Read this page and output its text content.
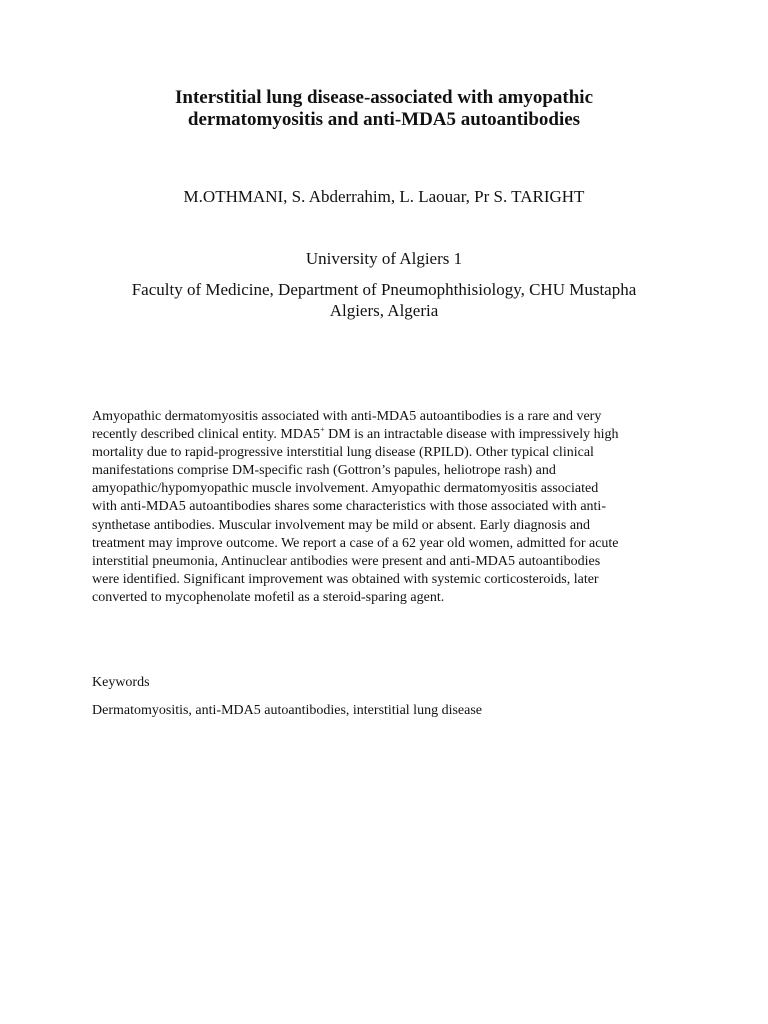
Interstitial lung disease-associated with amyopathic
dermatomyositis and anti-MDA5 autoantibodies
M.OTHMANI, S. Abderrahim, L. Laouar, Pr S. TARIGHT
University of Algiers 1
Faculty of Medicine, Department of Pneumophthisiology, CHU Mustapha
Algiers, Algeria
Amyopathic dermatomyositis associated with anti-MDA5 autoantibodies is a rare and very
recently described clinical entity. MDA5+ DM is an intractable disease with impressively high
mortality due to rapid-progressive interstitial lung disease (RPILD). Other typical clinical
manifestations comprise DM-specific rash (Gottron’s papules, heliotrope rash) and
amyopathic/hypomyopathic muscle involvement. Amyopathic dermatomyositis associated
with anti-MDA5 autoantibodies shares some characteristics with those associated with anti-
synthetase antibodies. Muscular involvement may be mild or absent. Early diagnosis and
treatment may improve outcome. We report a case of a 62 year old women, admitted for acute
interstitial pneumonia, Antinuclear antibodies were present and anti-MDA5 autoantibodies
were identified. Significant improvement was obtained with systemic corticosteroids, later
converted to mycophenolate mofetil as a steroid-sparing agent.
Keywords
Dermatomyositis, anti-MDA5 autoantibodies, interstitial lung disease
